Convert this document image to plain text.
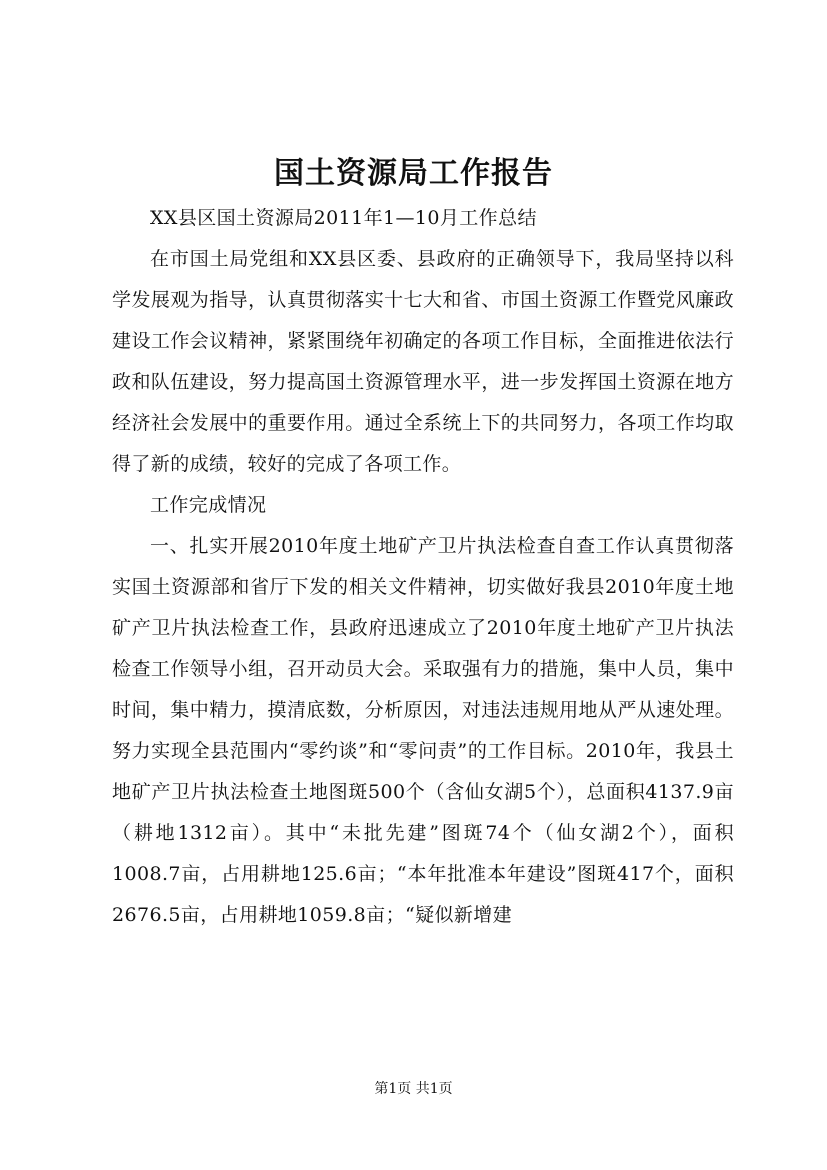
国土资源局工作报告

XX县区国土资源局2011年1—10月工作总结

在市国土局党组和XX县区委、县政府的正确领导下，我局坚持以科学发展观为指导，认真贯彻落实十七大和省、市国土资源工作暨党风廉政建设工作会议精神，紧紧围绕年初确定的各项工作目标，全面推进依法行政和队伍建设，努力提高国土资源管理水平，进一步发挥国土资源在地方经济社会发展中的重要作用。通过全系统上下的共同努力，各项工作均取得了新的成绩，较好的完成了各项工作。

工作完成情况

一、扎实开展2010年度土地矿产卫片执法检查自查工作认真贯彻落实国土资源部和省厅下发的相关文件精神，切实做好我县2010年度土地矿产卫片执法检查工作，县政府迅速成立了2010年度土地矿产卫片执法检查工作领导小组，召开动员大会。采取强有力的措施，集中人员，集中时间，集中精力，摸清底数，分析原因，对违法违规用地从严从速处理。努力实现全县范围内“零约谈”和“零问责”的工作目标。2010年，我县土地矿产卫片执法检查土地图斑500个（含仙女湖5个），总面积4137.9亩（耕地1312亩）。其中“未批先建”图斑74个（仙女湖2个），面积1008.7亩，占用耕地125.6亩；“本年批准本年建设”图斑417个，面积2676.5亩，占用耕地1059.8亩；“疑似新增建

第1页 共1页
